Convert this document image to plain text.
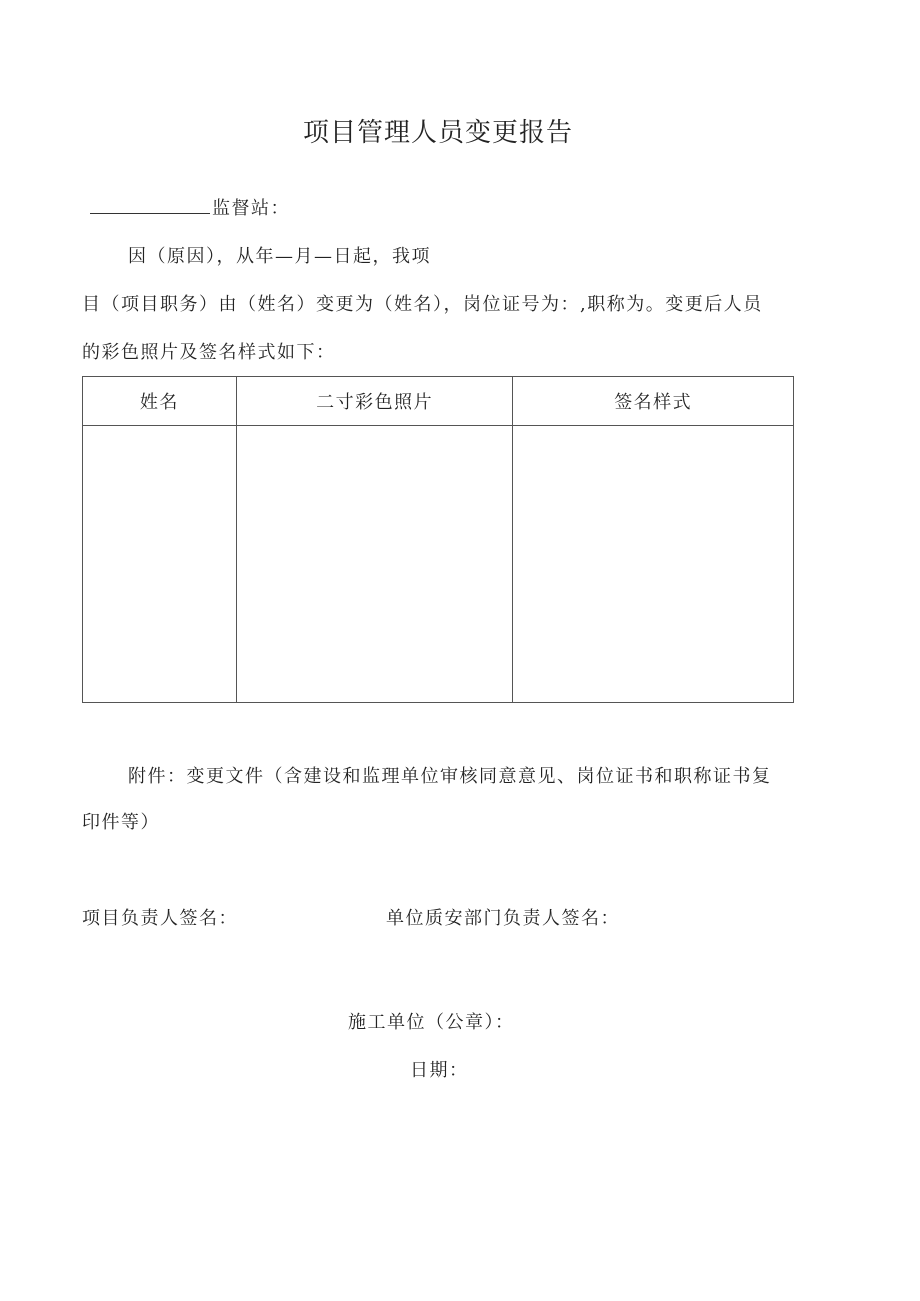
项目管理人员变更报告
监督站：
因（原因），从年—月—日起，我项
目（项目职务）由（姓名）变更为（姓名），岗位证号为：,职称为。变更后人员
的彩色照片及签名样式如下：
姓名	二寸彩色照片	签名样式

附件：变更文件（含建设和监理单位审核同意意见、岗位证书和职称证书复
印件等）
项目负责人签名：	单位质安部门负责人签名：
施工单位（公章）：
日期：
